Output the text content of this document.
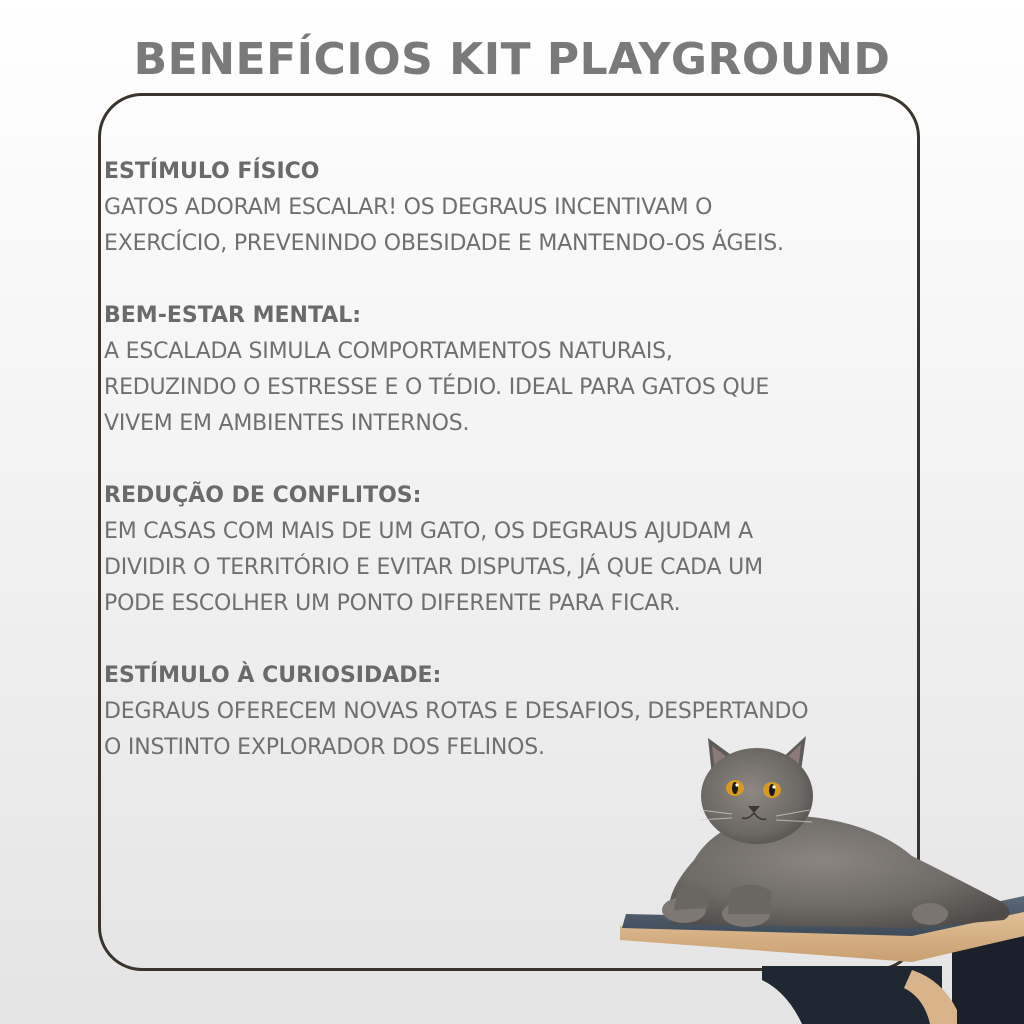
BENEFÍCIOS KIT PLAYGROUND
ESTÍMULO FÍSICO
GATOS ADORAM ESCALAR! OS DEGRAUS INCENTIVAM O
EXERCÍCIO, PREVENINDO OBESIDADE E MANTENDO-OS ÁGEIS.
BEM-ESTAR MENTAL:
A ESCALADA SIMULA COMPORTAMENTOS NATURAIS,
REDUZINDO O ESTRESSE E O TÉDIO. IDEAL PARA GATOS QUE
VIVEM EM AMBIENTES INTERNOS.
REDUÇÃO DE CONFLITOS:
EM CASAS COM MAIS DE UM GATO, OS DEGRAUS AJUDAM A
DIVIDIR O TERRITÓRIO E EVITAR DISPUTAS, JÁ QUE CADA UM
PODE ESCOLHER UM PONTO DIFERENTE PARA FICAR.
ESTÍMULO À CURIOSIDADE:
DEGRAUS OFERECEM NOVAS ROTAS E DESAFIOS, DESPERTANDO
O INSTINTO EXPLORADOR DOS FELINOS.
